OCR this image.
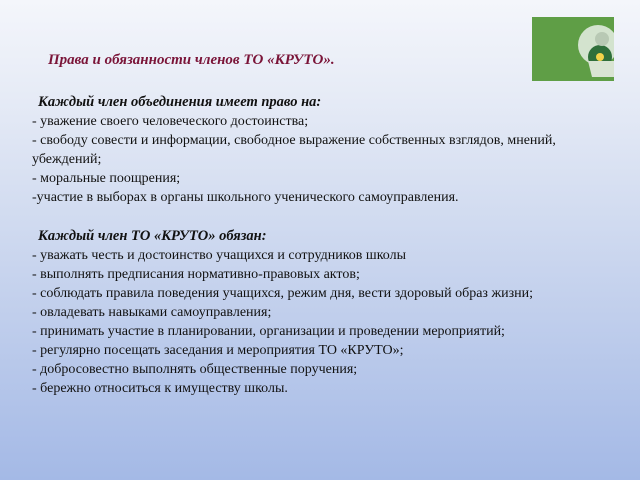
Права и обязанности членов ТО «КРУТО».
Каждый член объединения имеет право на:
- уважение своего человеческого достоинства;
- свободу совести и информации, свободное выражение собственных взглядов, мнений, убеждений;
- моральные поощрения;
-участие в выборах в органы школьного ученического самоуправления.
Каждый член ТО «КРУТО» обязан:
- уважать честь и достоинство учащихся и сотрудников школы
- выполнять предписания нормативно-правовых актов;
- соблюдать правила поведения учащихся, режим дня, вести здоровый образ жизни;
- овладевать навыками самоуправления;
- принимать участие в планировании, организации и проведении мероприятий;
- регулярно посещать заседания и мероприятия ТО «КРУТО»;
- добросовестно выполнять общественные поручения;
- бережно относиться к имуществу школы.
